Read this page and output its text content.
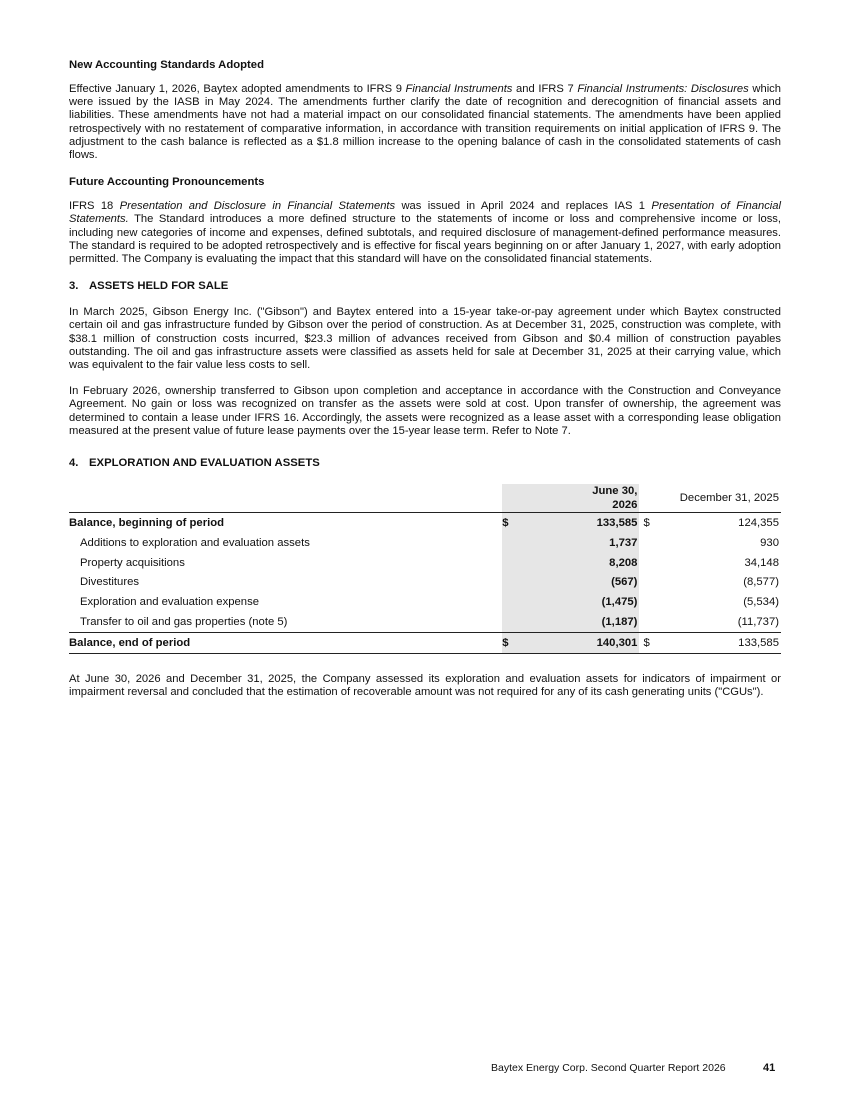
New Accounting Standards Adopted

Effective January 1, 2026, Baytex adopted amendments to IFRS 9 Financial Instruments and IFRS 7 Financial Instruments: Disclosures which were issued by the IASB in May 2024. The amendments further clarify the date of recognition and derecognition of financial assets and liabilities. These amendments have not had a material impact on our consolidated financial statements. The amendments have been applied retrospectively with no restatement of comparative information, in accordance with transition requirements on initial application of IFRS 9. The adjustment to the cash balance is reflected as a $1.8 million increase to the opening balance of cash in the consolidated statements of cash flows.

Future Accounting Pronouncements

IFRS 18 Presentation and Disclosure in Financial Statements was issued in April 2024 and replaces IAS 1 Presentation of Financial Statements. The Standard introduces a more defined structure to the statements of income or loss and comprehensive income or loss, including new categories of income and expenses, defined subtotals, and required disclosure of management-defined performance measures. The standard is required to be adopted retrospectively and is effective for fiscal years beginning on or after January 1, 2027, with early adoption permitted. The Company is evaluating the impact that this standard will have on the consolidated financial statements.

3. ASSETS HELD FOR SALE

In March 2025, Gibson Energy Inc. ("Gibson") and Baytex entered into a 15-year take-or-pay agreement under which Baytex constructed certain oil and gas infrastructure funded by Gibson over the period of construction. As at December 31, 2025, construction was complete, with $38.1 million of construction costs incurred, $23.3 million of advances received from Gibson and $0.4 million of construction payables outstanding. The oil and gas infrastructure assets were classified as assets held for sale at December 31, 2025 at their carrying value, which was equivalent to the fair value less costs to sell.

In February 2026, ownership transferred to Gibson upon completion and acceptance in accordance with the Construction and Conveyance Agreement. No gain or loss was recognized on transfer as the assets were sold at cost. Upon transfer of ownership, the agreement was determined to contain a lease under IFRS 16. Accordingly, the assets were recognized as a lease asset with a corresponding lease obligation measured at the present value of future lease payments over the 15-year lease term. Refer to Note 7.

4. EXPLORATION AND EVALUATION ASSETS
		June 30, 2026		December 31, 2025
Balance, beginning of period	$	133,585	$	124,355
Additions to exploration and evaluation assets		1,737		930
Property acquisitions		8,208		34,148
Divestitures		(567)		(8,577)
Exploration and evaluation expense		(1,475)		(5,534)
Transfer to oil and gas properties (note 5)		(1,187)		(11,737)
Balance, end of period	$	140,301	$	133,585

At June 30, 2026 and December 31, 2025, the Company assessed its exploration and evaluation assets for indicators of impairment or impairment reversal and concluded that the estimation of recoverable amount was not required for any of its cash generating units ("CGUs").

Baytex Energy Corp. Second Quarter Report 2026	41
